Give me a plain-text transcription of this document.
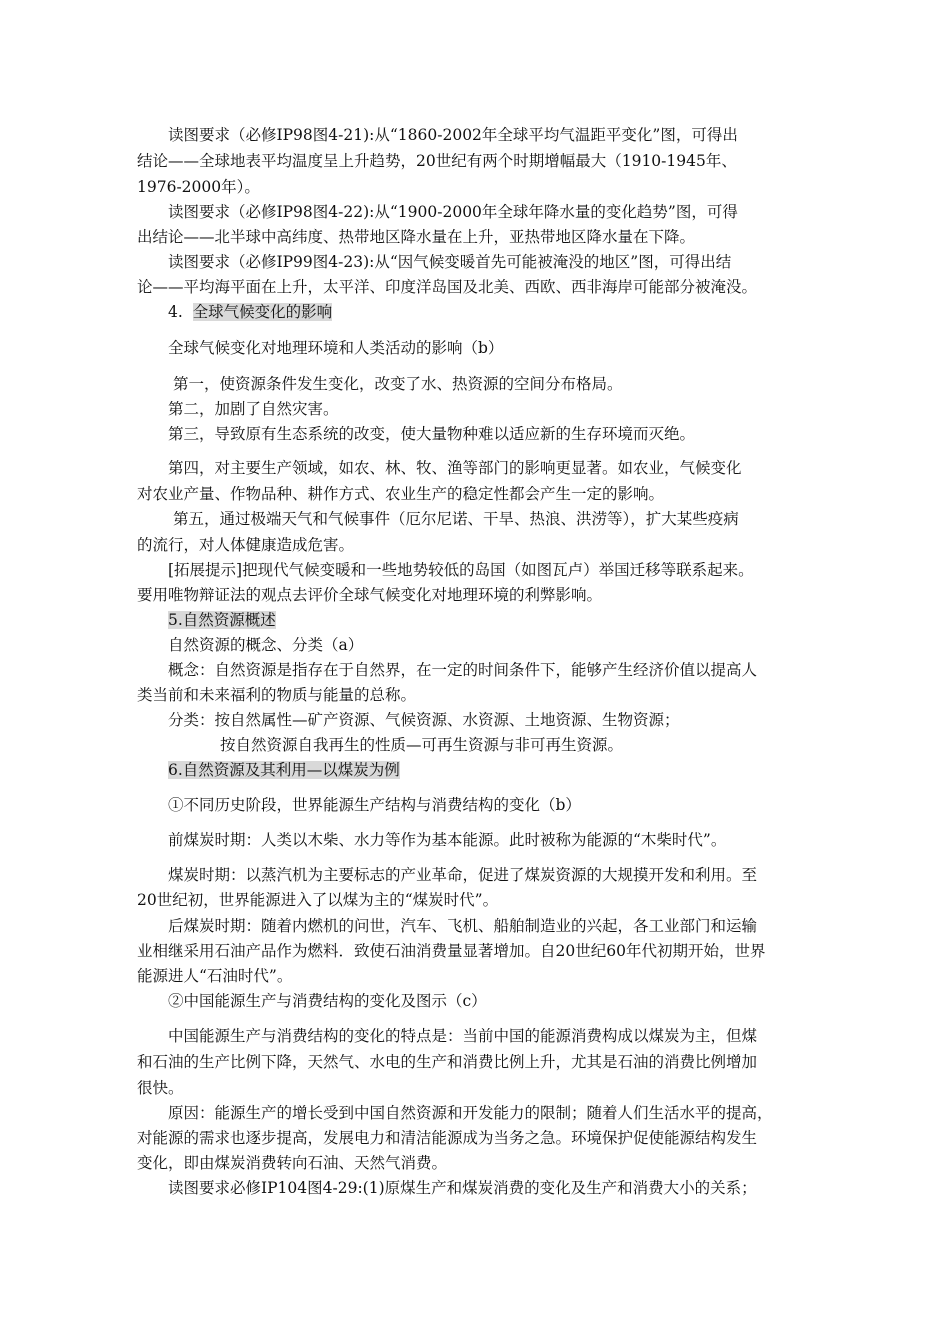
读图要求（必修IP98图4-21):从“1860-2002年全球平均气温距平变化”图，可得出
结论——全球地表平均温度呈上升趋势，20世纪有两个时期增幅最大（1910-1945年、
1976-2000年）。
读图要求（必修IP98图4-22):从“1900-2000年全球年降水量的变化趋势”图，可得
出结论——北半球中高纬度、热带地区降水量在上升，亚热带地区降水量在下降。
读图要求（必修IP99图4-23):从“因气候变暖首先可能被淹没的地区”图，可得出结
论——平均海平面在上升，太平洋、印度洋岛国及北美、西欧、西非海岸可能部分被淹没。
4. 全球气候变化的影响
全球气候变化对地理环境和人类活动的影响（b）
第一，使资源条件发生变化，改变了水、热资源的空间分布格局。
第二，加剧了自然灾害。
第三，导致原有生态系统的改变，使大量物种难以适应新的生存环境而灭绝。
第四，对主要生产领域，如农、林、牧、渔等部门的影响更显著。如农业，气候变化
对农业产量、作物品种、耕作方式、农业生产的稳定性都会产生一定的影响。
第五，通过极端天气和气候事件（厄尔尼诺、干旱、热浪、洪涝等），扩大某些疫病
的流行，对人体健康造成危害。
[拓展提示]把现代气候变暖和一些地势较低的岛国（如图瓦卢）举国迁移等联系起来。
要用唯物辩证法的观点去评价全球气候变化对地理环境的利弊影响。
5.自然资源概述
自然资源的概念、分类（a）
概念：自然资源是指存在于自然界，在一定的时间条件下，能够产生经济价值以提高人
类当前和未来福利的物质与能量的总称。
分类：按自然属性—矿产资源、气候资源、水资源、土地资源、生物资源；
按自然资源自我再生的性质—可再生资源与非可再生资源。
6.自然资源及其利用—以煤炭为例
①不同历史阶段，世界能源生产结构与消费结构的变化（b）
前煤炭时期：人类以木柴、水力等作为基本能源。此时被称为能源的“木柴时代”。
煤炭时期：以蒸汽机为主要标志的产业革命，促进了煤炭资源的大规摸开发和利用。至
20世纪初，世界能源进入了以煤为主的“煤炭时代”。
后煤炭时期：随着内燃机的问世，汽车、飞机、船舶制造业的兴起，各工业部门和运输
业相继采用石油产品作为燃料．致使石油消费量显著增加。自20世纪60年代初期开始，世界
能源进人“石油时代”。
②中国能源生产与消费结构的变化及图示（c）
中国能源生产与消费结构的变化的特点是：当前中国的能源消费构成以煤炭为主，但煤
和石油的生产比例下降，天然气、水电的生产和消费比例上升，尤其是石油的消费比例增加
很快。
原因：能源生产的增长受到中国自然资源和开发能力的限制；随着人们生活水平的提高，
对能源的需求也逐步提高，发展电力和清洁能源成为当务之急。环境保护促使能源结构发生
变化，即由煤炭消费转向石油、天然气消费。
读图要求必修IP104图4-29:(1)原煤生产和煤炭消费的变化及生产和消费大小的关系；
